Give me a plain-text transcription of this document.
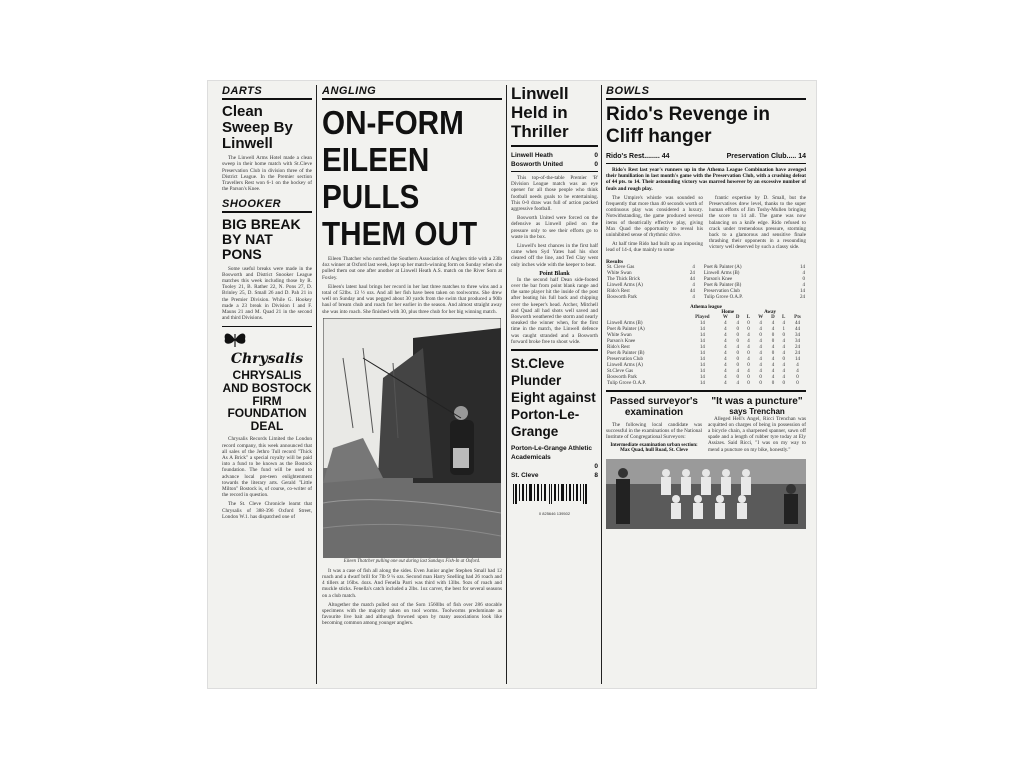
DARTS
Clean Sweep By Linwell

The Linwell Arms Hotel made a clean sweep in their home match with St.Cleve Preservation Club in division three of the District League. In the Premier section Travellers Rest won 6-1 on the hockey of the Parson's Knee.

SHOOKER
BIG BREAK BY NAT PONS

Some useful breaks were made in the Bosworth and District Snooker League matches this week including those by R. Tooley 21, B. Rather 22, N. Pons 27, D. Brinley 25, D. Small 26 and D. Pah 21 in the Premier Division. While G. Hookey made a 23 break in Division I and F. Mauns 21 and M. Quad 21 in the second and third Divisions.

Chrysalis
CHRYSALIS AND BOSTOCK FIRM FOUNDATION DEAL

Chrysalis Records Limited the London record company, this week announced that all sales of the Jethro Tull record "Thick As A Brick" a special royalty will be paid into a fund to be known as the Bostock foundation. The fund will be used to advance local pre-teen enlightenment towards the literary arts. Gerald "Little Milton" Bostock is, of course, co-writer of the record in question.

The St. Cleve Chronicle learnt that Chrysalis of 388-396 Oxford Street, London W.1. has dispatched one of

ANGLING
ON-FORM EILEEN PULLS THEM OUT

Eileen Thatcher who notched the Southern Association of Anglers title with a 23lb 4oz winner at Oxford last week, kept up her match-winning form on Sunday when she pulled them out one after another at Linwell Heath A.S. match on the River Sorn at Foxley.

Eileen's latest haul brings her record in her last three matches to three wins and a total of 52lbs. 13 ½ ozs. And all her fish have been taken on toolworms. She drew well on Sunday and was pegged about 30 yards from the swim that produced a 90lb haul of bream chub and roach for her earlier in the season. And almost straight away she was into roach. She finished with 30, plus three chub for her big winning match.

Eileen Thatcher pulling one out during last Sundays Fish-In at Oxford.

It was a case of fish all along the sides. Even Junior angler Stephen Small had 12 roach and a dwarf brill for 7lb 9 ¼ ozs. Second man Harry Snelling had 26 roach and 4 tillers at 16lbs. 4ozs. And Fenella Parri was third with 13lbs. 9ozs of roach and muckle sticks. Fenella's catch included a 2lbs. 1oz carver, the best for several seasons on a club match.

Altogether the match pulled out of the Sorn 1560lbs of fish over 286 stocable specimens with the majority taken on tool worms. Toolworms predominate as favourite live bait and although frowned upon by many associations look like becoming common among younger anglers.

Linwell Held in Thriller
Linwell Heath	0
Bosworth United	0

This top-of-the-table Premier 'B' Division League match was an eye opener for all those people who think football needs goals to be entertaining. This 0-0 draw was full of action packed aggressive football.

Bosworth United were forced on the defensive as Linwell piled on the pressure only to see their efforts go to waste in the box.

Linwell's best chances in the first half came when Syd Yates had his shot cleared off the line, and Ted Clay went only inches wide with the keeper to beat.

Point Blank

In the second half Dean side-footed over the bar from point blank range and the same player hit the inside of the post after beating his full back and chipping over the keeper's head. Archer, Mitchell and Quad all had shots well saved and Bosworth weathered the storm and nearly sneaked the winner when, for the first time in the match, the Linwell defence was caught stranded and a Bosworth forward broke free to shoot wide.

St.Cleve Plunder Eight against Porton-Le-Grange
Porton-Le-Grange Athletic Academicals
0
St. Cleve	8
0 825646 139502
BOWLS
Rido's Revenge in Cliff hanger
Rido's Rest........ 44	Preservation Club..... 14

Rido's Rest last year's runners up in the Athema League Combination have avenged their humiliation in last month's game with the Preservation Club, with a crushing defeat of 44 pts. to 14. Their astounding victory was marred however by an excessive number of fouls and rough play.

The Umpire's whistle was sounded so frequently that more than 40 seconds worth of continuous play was considered a luxury. Notwithstanding, the game produced several items of theatrically effective play, giving Max Quad the opportunity to reveal his uninhibited sense of rhythmic drive.

At half time Rido had built up an imposing lead of 14-4, due mainly to some

frantic expertise by D. Small, but the Preservatives drew level, thanks to the super human efforts of Jim Toshy-Mullen bringing the score to 14 all. The game was now balancing on a knife edge. Rido refused to crack under tremendous pressure, storming back to a glamorous and sensitive finale thrashing their opponents in a resounding victory well deserved by such a classy side.

Results
St. Cleve Gas	4	Poet & Painter (A)	14
White Swan	24	Linwell Arms (B)	4
The Thick Brick	44	Parson's Knee	0
Linwell Arms (A)	4	Poet & Painter (B)	4
Rido's Rest	44	Preservation Club	14
Bosworth Park	4	Tulip Grove O.A.P.	24
Athema league
Home	Away
	Played	W	D	L	W	D	L	Pts
Linwell Arms (B)	14	4	4	0	4	4	4	44
Poet & Painter (A)	14	4	0	0	4	4	1	44
White Swan	14	4	0	4	0	0	0	34
Parson's Knee	14	4	0	4	4	0	4	34
Rido's Rest	14	4	4	4	4	4	4	24
Poet & Painter (B)	14	4	0	0	4	0	4	24
Preservation Club	14	4	0	4	4	4	0	14
Linwell Arms (A)	14	4	0	0	4	4	4	4
St.Cleve Gas	14	4	4	4	4	4	4	4
Bosworth Park	14	4	0	0	0	4	4	0
Tulip Grove O.A.P.	14	4	4	0	0	0	0	0
Passed surveyor's examination

The following local candidate was successful in the examinations of the National Institute of Congregational Surveyors:

Intermediate examination urban section:
Max Quad, hull Road, St. Cleve
"It was a puncture"
says Trenchan

Alleged Hell's Angel, Ricci Trenchan was acquitted on charges of being in possession of a bicycle chain, a sharpened spanner, sawn off spade and a length of rubber tyre today at Ely Assizes. Said Ricci, "I was on my way to mend a puncture on my bike, honestly."
